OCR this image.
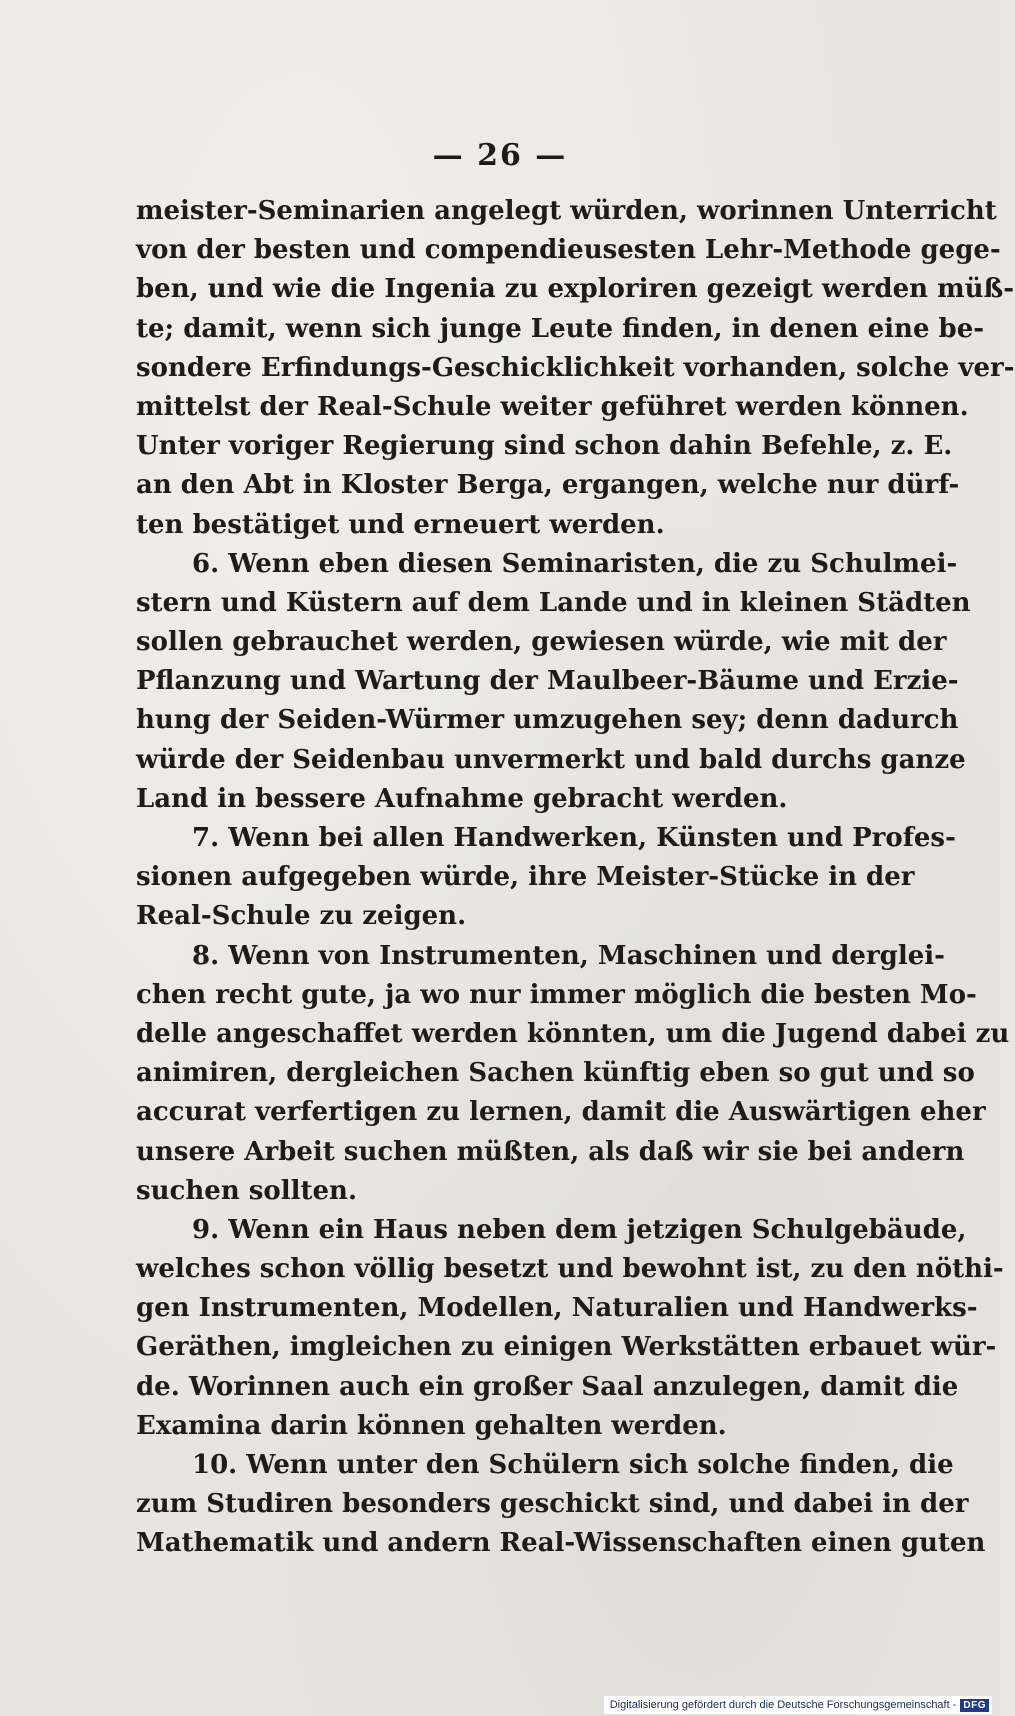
— 26 —
meister-Seminarien angelegt würden, worinnen Unterricht
von der besten und compendieusesten Lehr-Methode gege-
ben, und wie die Ingenia zu exploriren gezeigt werden müß-
te; damit, wenn sich junge Leute finden, in denen eine be-
sondere Erfindungs-Geschicklichkeit vorhanden, solche ver-
mittelst der Real-Schule weiter geführet werden können.
Unter voriger Regierung sind schon dahin Befehle, z. E.
an den Abt in Kloster Berga, ergangen, welche nur dürf-
ten bestätiget und erneuert werden.
6. Wenn eben diesen Seminaristen, die zu Schulmei-
stern und Küstern auf dem Lande und in kleinen Städten
sollen gebrauchet werden, gewiesen würde, wie mit der
Pflanzung und Wartung der Maulbeer-Bäume und Erzie-
hung der Seiden-Würmer umzugehen sey; denn dadurch
würde der Seidenbau unvermerkt und bald durchs ganze
Land in bessere Aufnahme gebracht werden.
7. Wenn bei allen Handwerken, Künsten und Profes-
sionen aufgegeben würde, ihre Meister-Stücke in der
Real-Schule zu zeigen.
8. Wenn von Instrumenten, Maschinen und derglei-
chen recht gute, ja wo nur immer möglich die besten Mo-
delle angeschaffet werden könnten, um die Jugend dabei zu
animiren, dergleichen Sachen künftig eben so gut und so
accurat verfertigen zu lernen, damit die Auswärtigen eher
unsere Arbeit suchen müßten, als daß wir sie bei andern
suchen sollten.
9. Wenn ein Haus neben dem jetzigen Schulgebäude,
welches schon völlig besetzt und bewohnt ist, zu den nöthi-
gen Instrumenten, Modellen, Naturalien und Handwerks-
Geräthen, imgleichen zu einigen Werkstätten erbauet wür-
de. Worinnen auch ein großer Saal anzulegen, damit die
Examina darin können gehalten werden.
10. Wenn unter den Schülern sich solche finden, die
zum Studiren besonders geschickt sind, und dabei in der
Mathematik und andern Real-Wissenschaften einen guten
Digitalisierung gefördert durch die Deutsche Forschungsgemeinschaft - DFG
